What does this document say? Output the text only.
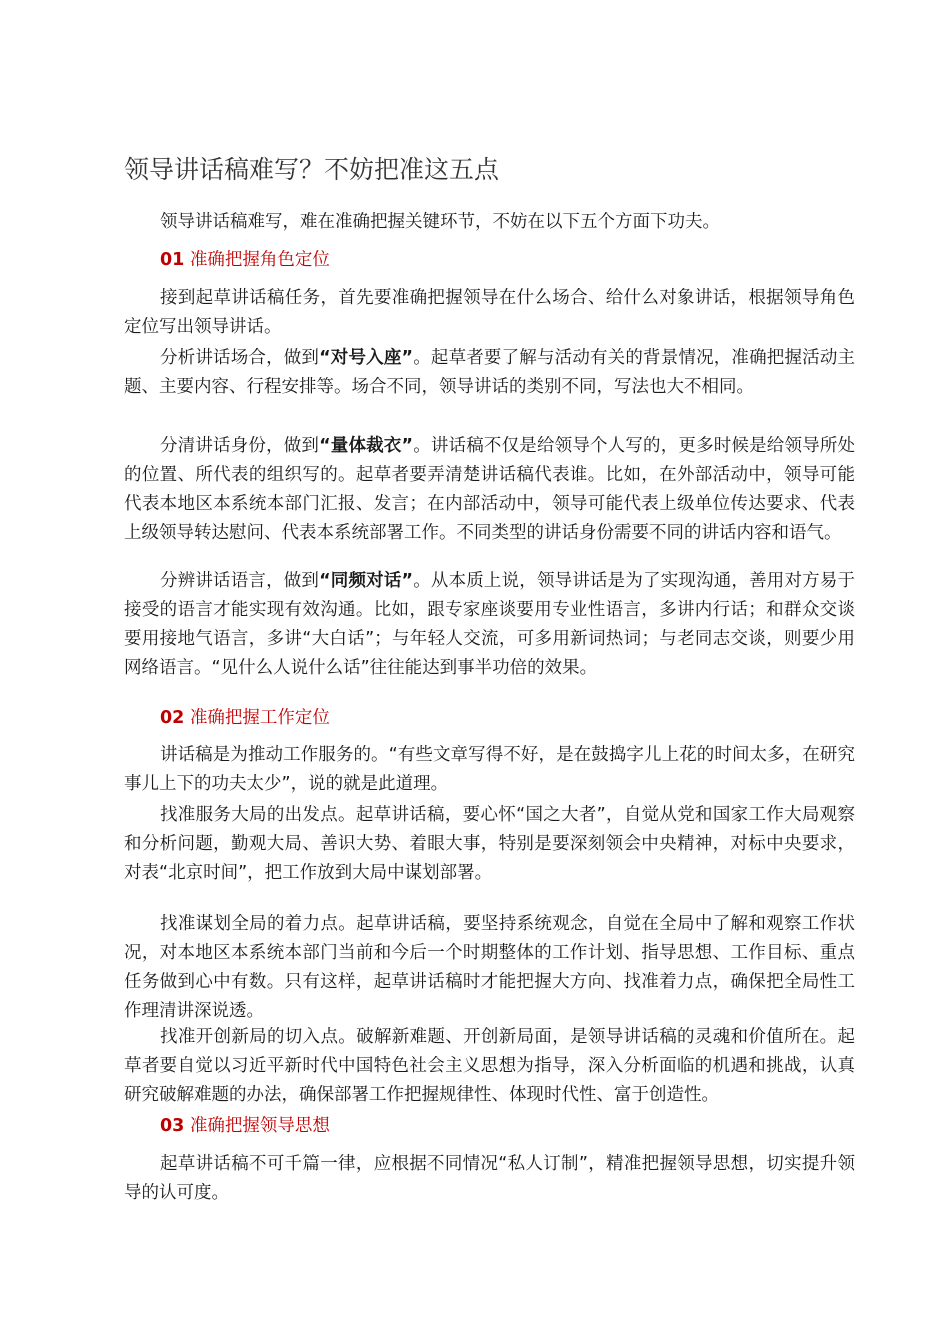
领导讲话稿难写？不妨把准这五点

领导讲话稿难写，难在准确把握关键环节，不妨在以下五个方面下功夫。

01 准确把握角色定位

接到起草讲话稿任务，首先要准确把握领导在什么场合、给什么对象讲话，根据领导角色定位写出领导讲话。

分析讲话场合，做到“对号入座”。起草者要了解与活动有关的背景情况，准确把握活动主题、主要内容、行程安排等。场合不同，领导讲话的类别不同，写法也大不相同。

分清讲话身份，做到“量体裁衣”。讲话稿不仅是给领导个人写的，更多时候是给领导所处的位置、所代表的组织写的。起草者要弄清楚讲话稿代表谁。比如，在外部活动中，领导可能代表本地区本系统本部门汇报、发言；在内部活动中，领导可能代表上级单位传达要求、代表上级领导转达慰问、代表本系统部署工作。不同类型的讲话身份需要不同的讲话内容和语气。

分辨讲话语言，做到“同频对话”。从本质上说，领导讲话是为了实现沟通，善用对方易于接受的语言才能实现有效沟通。比如，跟专家座谈要用专业性语言，多讲内行话；和群众交谈要用接地气语言，多讲“大白话”；与年轻人交流，可多用新词热词；与老同志交谈，则要少用网络语言。“见什么人说什么话”往往能达到事半功倍的效果。

02 准确把握工作定位

讲话稿是为推动工作服务的。“有些文章写得不好，是在鼓捣字儿上花的时间太多，在研究事儿上下的功夫太少”，说的就是此道理。

找准服务大局的出发点。起草讲话稿，要心怀“国之大者”，自觉从党和国家工作大局观察和分析问题，勤观大局、善识大势、着眼大事，特别是要深刻领会中央精神，对标中央要求，对表“北京时间”，把工作放到大局中谋划部署。

找准谋划全局的着力点。起草讲话稿，要坚持系统观念，自觉在全局中了解和观察工作状况，对本地区本系统本部门当前和今后一个时期整体的工作计划、指导思想、工作目标、重点任务做到心中有数。只有这样，起草讲话稿时才能把握大方向、找准着力点，确保把全局性工作理清讲深说透。

找准开创新局的切入点。破解新难题、开创新局面，是领导讲话稿的灵魂和价值所在。起草者要自觉以习近平新时代中国特色社会主义思想为指导，深入分析面临的机遇和挑战，认真研究破解难题的办法，确保部署工作把握规律性、体现时代性、富于创造性。

03 准确把握领导思想

起草讲话稿不可千篇一律，应根据不同情况“私人订制”，精准把握领导思想，切实提升领导的认可度。
